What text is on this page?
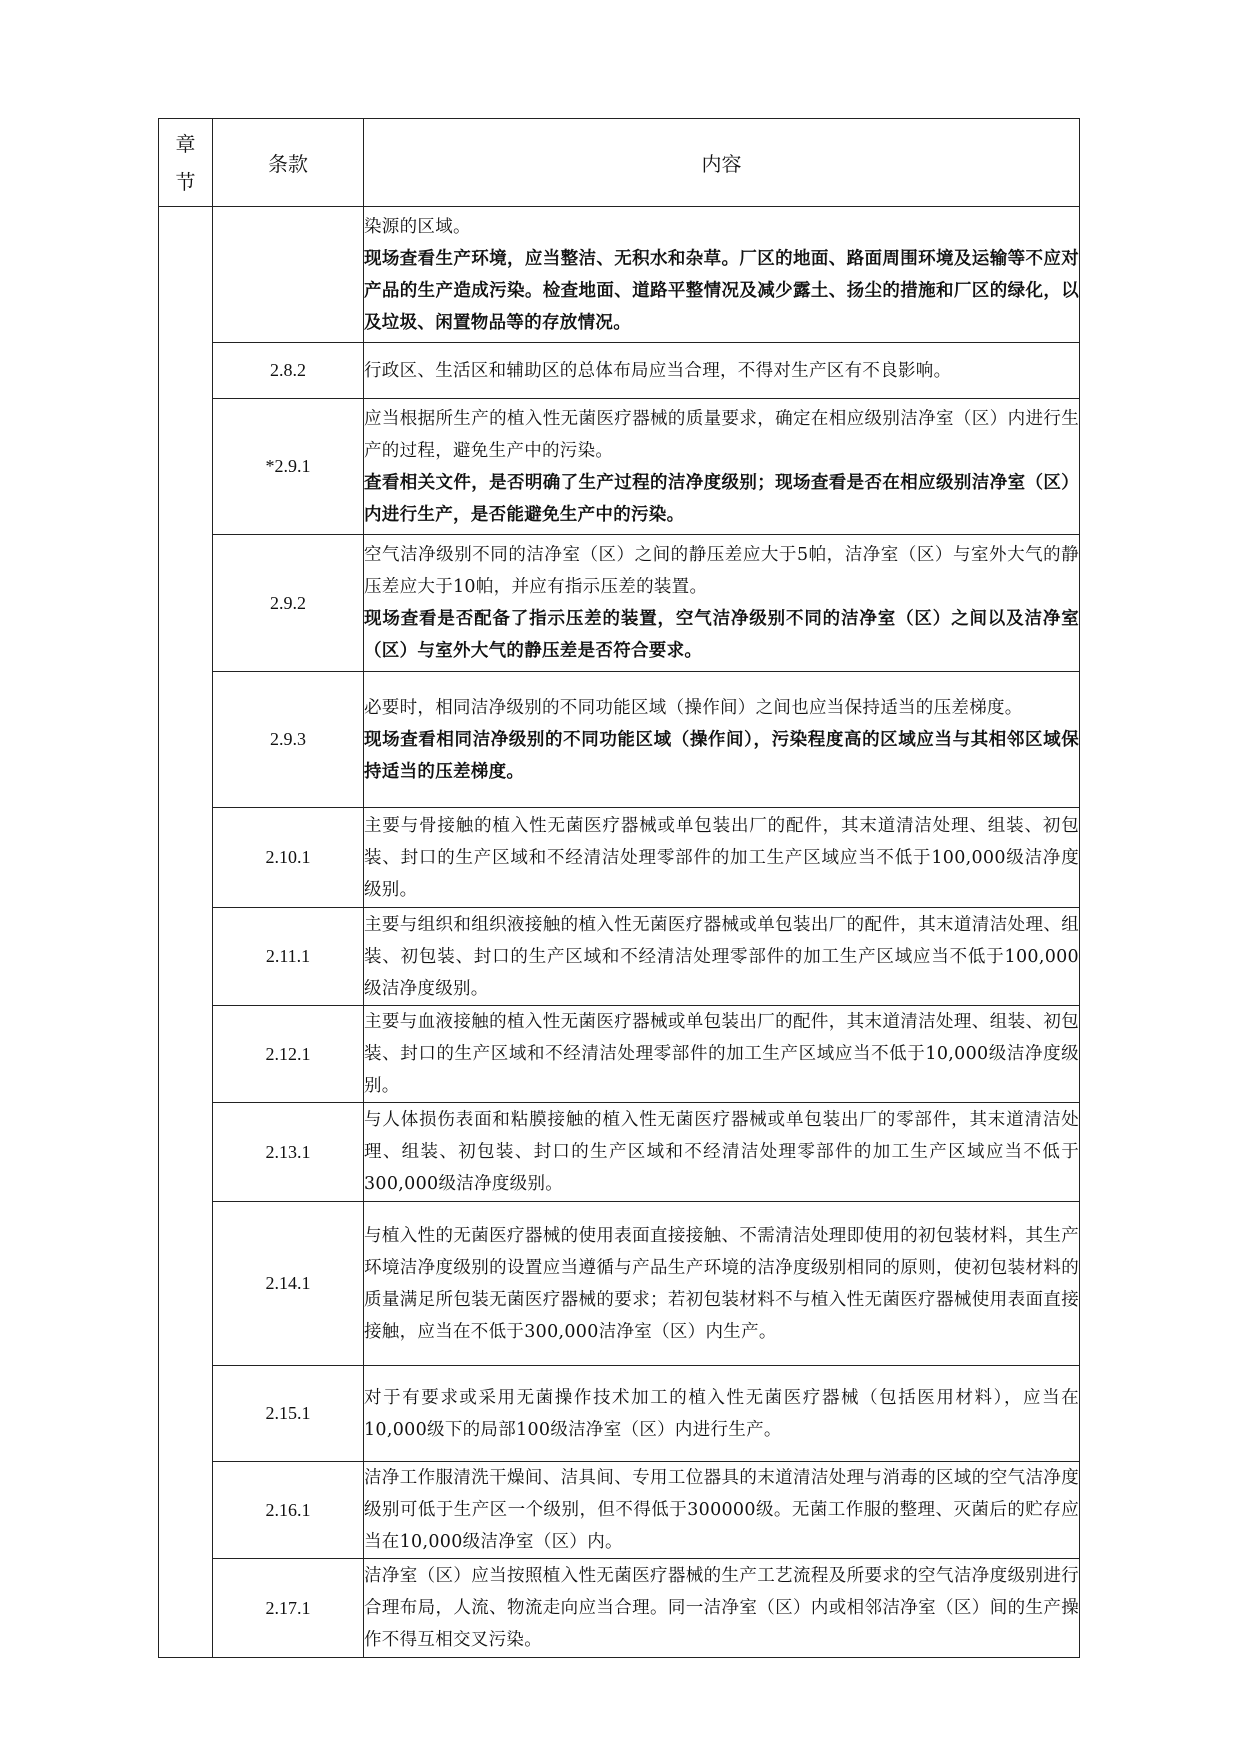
章
节	条款	内容

		染源的区域。

现场查看生产环境，应当整洁、无积水和杂草。厂区的地面、路面周围环境及运输等不应对产品的生产造成污染。检查地面、道路平整情况及减少露土、扬尘的措施和厂区的绿化，以及垃圾、闲置物品等的存放情况。

	2.8.2	行政区、生活区和辅助区的总体布局应当合理，不得对生产区有不良影响。

	*2.9.1	应当根据所生产的植入性无菌医疗器械的质量要求，确定在相应级别洁净室（区）内进行生产的过程，避免生产中的污染。

查看相关文件，是否明确了生产过程的洁净度级别；现场查看是否在相应级别洁净室（区）内进行生产，是否能避免生产中的污染。

	2.9.2	空气洁净级别不同的洁净室（区）之间的静压差应大于5帕，洁净室（区）与室外大气的静压差应大于10帕，并应有指示压差的装置。

现场查看是否配备了指示压差的装置，空气洁净级别不同的洁净室（区）之间以及洁净室（区）与室外大气的静压差是否符合要求。

	2.9.3	必要时，相同洁净级别的不同功能区域（操作间）之间也应当保持适当的压差梯度。

现场查看相同洁净级别的不同功能区域（操作间），污染程度高的区域应当与其相邻区域保持适当的压差梯度。

	2.10.1	主要与骨接触的植入性无菌医疗器械或单包装出厂的配件，其末道清洁处理、组装、初包装、封口的生产区域和不经清洁处理零部件的加工生产区域应当不低于100,000级洁净度级别。

	2.11.1	主要与组织和组织液接触的植入性无菌医疗器械或单包装出厂的配件，其末道清洁处理、组装、初包装、封口的生产区域和不经清洁处理零部件的加工生产区域应当不低于100,000级洁净度级别。

	2.12.1	主要与血液接触的植入性无菌医疗器械或单包装出厂的配件，其末道清洁处理、组装、初包装、封口的生产区域和不经清洁处理零部件的加工生产区域应当不低于10,000级洁净度级别。

	2.13.1	与人体损伤表面和粘膜接触的植入性无菌医疗器械或单包装出厂的零部件，其末道清洁处理、组装、初包装、封口的生产区域和不经清洁处理零部件的加工生产区域应当不低于300,000级洁净度级别。

	2.14.1	与植入性的无菌医疗器械的使用表面直接接触、不需清洁处理即使用的初包装材料，其生产环境洁净度级别的设置应当遵循与产品生产环境的洁净度级别相同的原则，使初包装材料的质量满足所包装无菌医疗器械的要求；若初包装材料不与植入性无菌医疗器械使用表面直接接触，应当在不低于300,000洁净室（区）内生产。

	2.15.1	对于有要求或采用无菌操作技术加工的植入性无菌医疗器械（包括医用材料），应当在10,000级下的局部100级洁净室（区）内进行生产。

	2.16.1	洁净工作服清洗干燥间、洁具间、专用工位器具的末道清洁处理与消毒的区域的空气洁净度级别可低于生产区一个级别，但不得低于300000级。无菌工作服的整理、灭菌后的贮存应当在10,000级洁净室（区）内。

	2.17.1	洁净室（区）应当按照植入性无菌医疗器械的生产工艺流程及所要求的空气洁净度级别进行合理布局，人流、物流走向应当合理。同一洁净室（区）内或相邻洁净室（区）间的生产操作不得互相交叉污染。
